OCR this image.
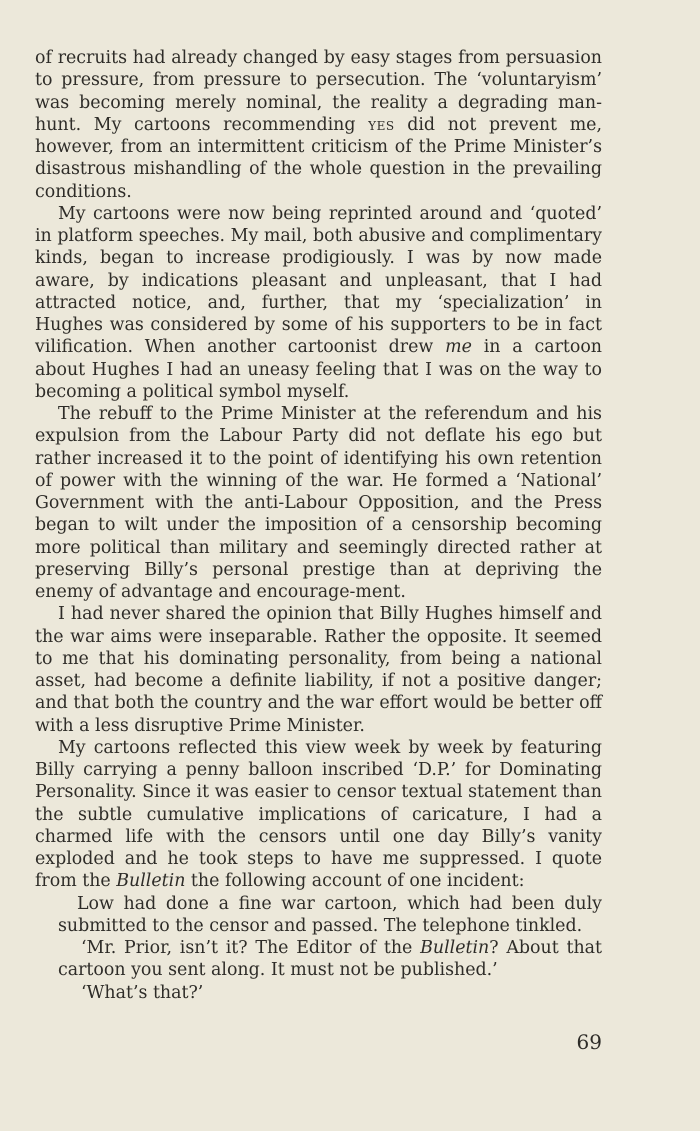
of recruits had already changed by easy stages from persuasion to pressure, from pressure to persecution. The ‘voluntaryism’ was becoming merely nominal, the reality a degrading man-hunt. My cartoons recommending yes did not prevent me, however, from an intermittent criticism of the Prime Minister’s disastrous mishandling of the whole question in the prevailing conditions.

My cartoons were now being reprinted around and ‘quoted’ in platform speeches. My mail, both abusive and complimentary kinds, began to increase prodigiously. I was by now made aware, by indications pleasant and unpleasant, that I had attracted notice, and, further, that my ‘specialization’ in Hughes was considered by some of his supporters to be in fact vilification. When another cartoonist drew me in a cartoon about Hughes I had an uneasy feeling that I was on the way to becoming a political symbol myself.

The rebuff to the Prime Minister at the referendum and his expulsion from the Labour Party did not deflate his ego but rather increased it to the point of identifying his own retention of power with the winning of the war. He formed a ‘National’ Government with the anti-Labour Opposition, and the Press began to wilt under the imposition of a censorship becoming more political than military and seemingly directed rather at preserving Billy’s personal prestige than at depriving the enemy of advantage and encourage-ment.

I had never shared the opinion that Billy Hughes himself and the war aims were inseparable. Rather the opposite. It seemed to me that his dominating personality, from being a national asset, had become a definite liability, if not a positive danger; and that both the country and the war effort would be better off with a less disruptive Prime Minister.

My cartoons reflected this view week by week by featuring Billy carrying a penny balloon inscribed ‘D.P.’ for Dominating Personality. Since it was easier to censor textual statement than the subtle cumulative implications of caricature, I had a charmed life with the censors until one day Billy’s vanity exploded and he took steps to have me suppressed. I quote from the Bulletin the following account of one incident:

Low had done a fine war cartoon, which had been duly submitted to the censor and passed. The telephone tinkled.

‘Mr. Prior, isn’t it? The Editor of the Bulletin? About that cartoon you sent along. It must not be published.’

‘What’s that?’

69
